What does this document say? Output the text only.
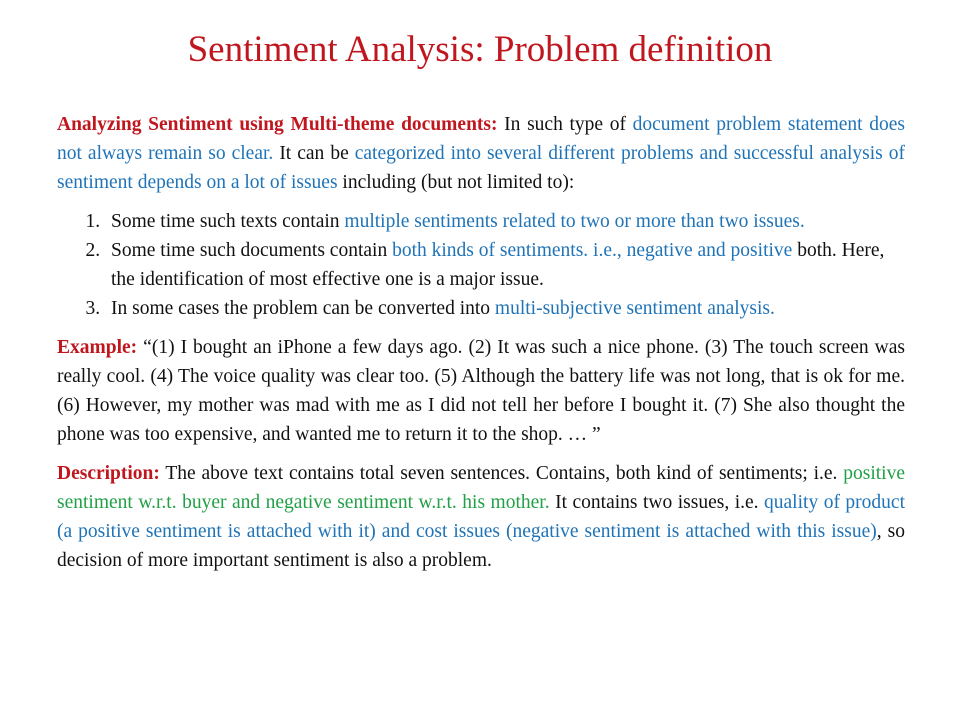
Sentiment Analysis: Problem definition

Analyzing Sentiment using Multi-theme documents: In such type of document problem statement does not always remain so clear. It can be categorized into several different problems and successful analysis of sentiment depends on a lot of issues including (but not limited to):

1. Some time such texts contain multiple sentiments related to two or more than two issues.
2. Some time such documents contain both kinds of sentiments. i.e., negative and positive both. Here, the identification of most effective one is a major issue.
3. In some cases the problem can be converted into multi-subjective sentiment analysis.

Example: “(1) I bought an iPhone a few days ago. (2) It was such a nice phone. (3) The touch screen was really cool. (4) The voice quality was clear too. (5) Although the battery life was not long, that is ok for me. (6) However, my mother was mad with me as I did not tell her before I bought it. (7) She also thought the phone was too expensive, and wanted me to return it to the shop. … ”

Description: The above text contains total seven sentences. Contains, both kind of sentiments; i.e. positive sentiment w.r.t. buyer and negative sentiment w.r.t. his mother. It contains two issues, i.e. quality of product (a positive sentiment is attached with it) and cost issues (negative sentiment is attached with this issue), so decision of more important sentiment is also a problem.
